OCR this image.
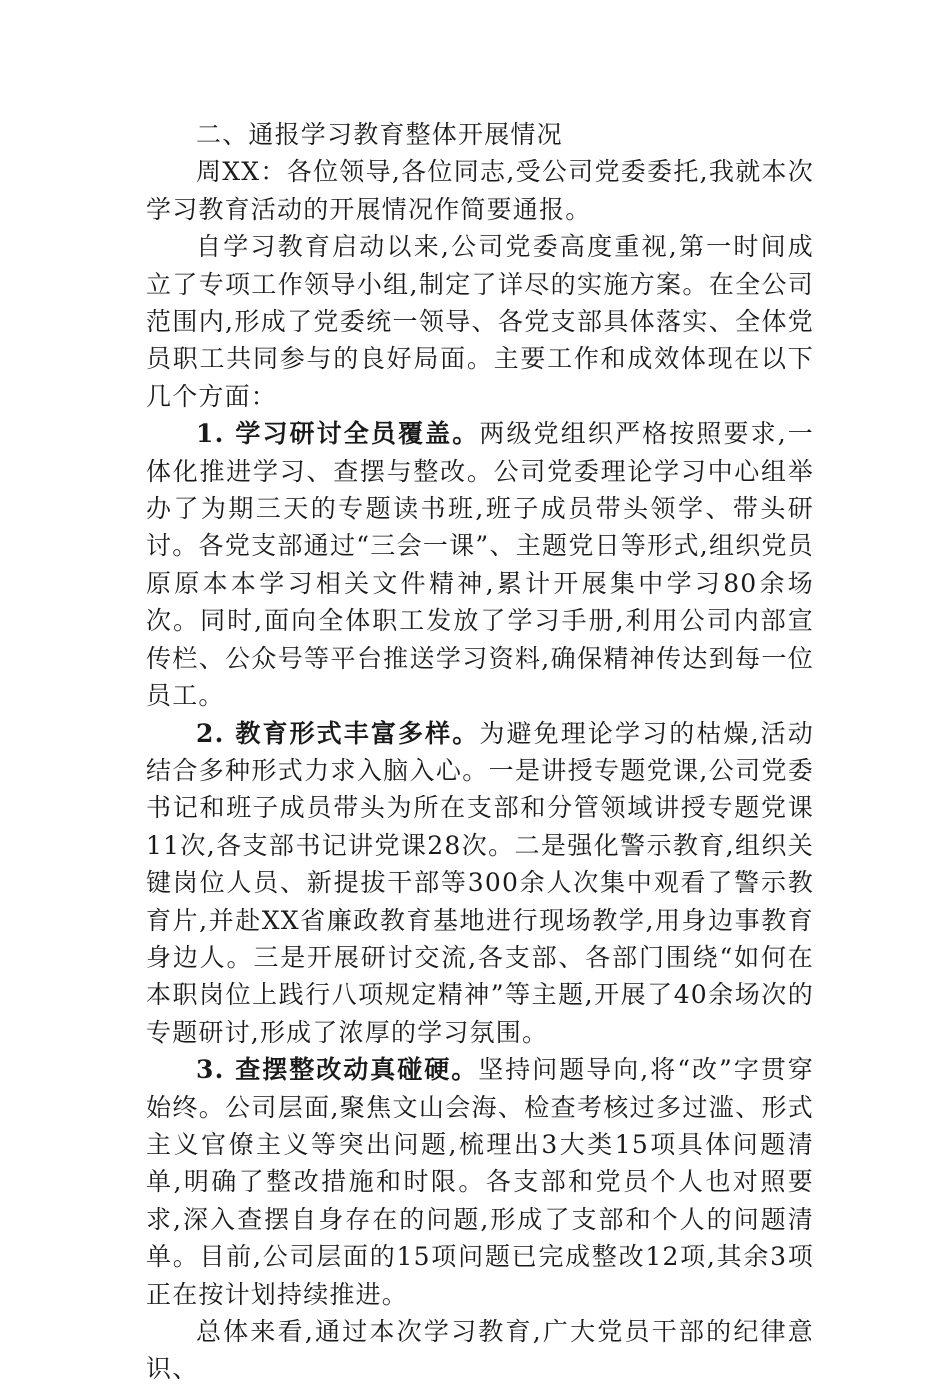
二、通报学习教育整体开展情况

周XX：各位领导,各位同志,受公司党委委托,我就本次学习教育活动的开展情况作简要通报。

自学习教育启动以来,公司党委高度重视,第一时间成立了专项工作领导小组,制定了详尽的实施方案。在全公司范围内,形成了党委统一领导、各党支部具体落实、全体党员职工共同参与的良好局面。主要工作和成效体现在以下几个方面：

1. 学习研讨全员覆盖。两级党组织严格按照要求,一体化推进学习、查摆与整改。公司党委理论学习中心组举办了为期三天的专题读书班,班子成员带头领学、带头研讨。各党支部通过“三会一课”、主题党日等形式,组织党员原原本本学习相关文件精神,累计开展集中学习80余场次。同时,面向全体职工发放了学习手册,利用公司内部宣传栏、公众号等平台推送学习资料,确保精神传达到每一位员工。

2. 教育形式丰富多样。为避免理论学习的枯燥,活动结合多种形式力求入脑入心。一是讲授专题党课,公司党委书记和班子成员带头为所在支部和分管领域讲授专题党课11次,各支部书记讲党课28次。二是强化警示教育,组织关键岗位人员、新提拔干部等300余人次集中观看了警示教育片,并赴XX省廉政教育基地进行现场教学,用身边事教育身边人。三是开展研讨交流,各支部、各部门围绕“如何在本职岗位上践行八项规定精神”等主题,开展了40余场次的专题研讨,形成了浓厚的学习氛围。

3. 查摆整改动真碰硬。坚持问题导向,将“改”字贯穿始终。公司层面,聚焦文山会海、检查考核过多过滥、形式主义官僚主义等突出问题,梳理出3大类15项具体问题清单,明确了整改措施和时限。各支部和党员个人也对照要求,深入查摆自身存在的问题,形成了支部和个人的问题清单。目前,公司层面的15项问题已完成整改12项,其余3项正在按计划持续推进。

总体来看,通过本次学习教育,广大党员干部的纪律意识、
